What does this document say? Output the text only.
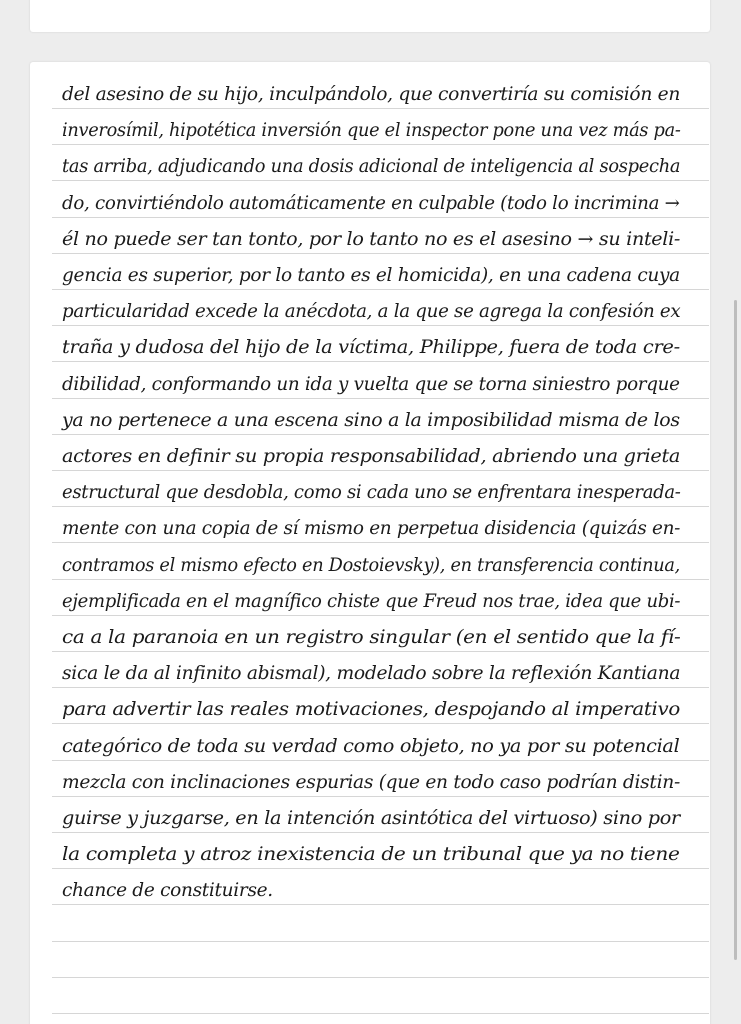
del asesino de su hijo, inculpándolo, que convertiría su comisión en

inverosímil, hipotética inversión que el inspector pone una vez más pa-

tas arriba, adjudicando una dosis adicional de inteligencia al sospecha

do, convirtiéndolo automáticamente en culpable (todo lo incrimina →

él no puede ser tan tonto, por lo tanto no es el asesino → su inteli-

gencia es superior, por lo tanto es el homicida), en una cadena cuya

particularidad excede la anécdota, a la que se agrega la confesión ex

traña y dudosa del hijo de la víctima, Philippe, fuera de toda cre-

dibilidad, conformando un ida y vuelta que se torna siniestro porque

ya no pertenece a una escena sino a la imposibilidad misma de los

actores en definir su propia responsabilidad, abriendo una grieta

estructural que desdobla, como si cada uno se enfrentara inesperada-

mente con una copia de sí mismo en perpetua disidencia (quizás en-

contramos el mismo efecto en Dostoievsky), en transferencia continua,

ejemplificada en el magnífico chiste que Freud nos trae, idea que ubi-

ca a la paranoia en un registro singular (en el sentido que la fí-

sica le da al infinito abismal), modelado sobre la reflexión Kantiana

para advertir las reales motivaciones, despojando al imperativo

categórico de toda su verdad como objeto, no ya por su potencial

mezcla con inclinaciones espurias (que en todo caso podrían distin-

guirse y juzgarse, en la intención asintótica del virtuoso) sino por

la completa y atroz inexistencia de un tribunal que ya no tiene

chance de constituirse.
